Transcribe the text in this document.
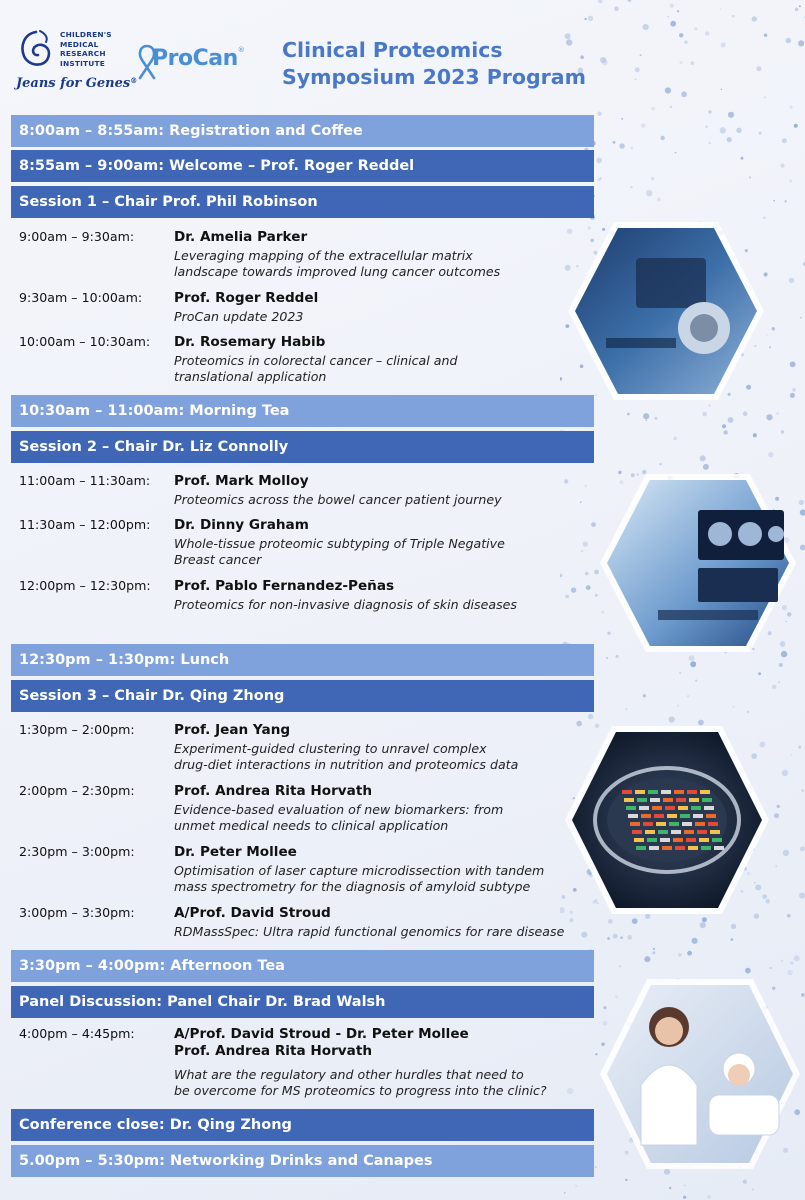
CHILDREN'S
MEDICAL
RESEARCH
INSTITUTE
Jeans for Genes®
ProCan® Clinical Proteomics
Symposium 2023 Program
8:00am – 8:55am: Registration and Coffee
8:55am – 9:00am: Welcome – Prof. Roger Reddel
Session 1 – Chair Prof. Phil Robinson
9:00am – 9:30am:	Dr. Amelia Parker
Leveraging mapping of the extracellular matrix
landscape towards improved lung cancer outcomes
9:30am – 10:00am: Prof. Roger Reddel
ProCan update 2023
10:00am – 10:30am: Dr. Rosemary Habib
Proteomics in colorectal cancer – clinical and
translational application
10:30am – 11:00am: Morning Tea
Session 2 – Chair Dr. Liz Connolly
11:00am – 11:30am: Prof. Mark Molloy
Proteomics across the bowel cancer patient journey
11:30am – 12:00pm: Dr. Dinny Graham
Whole-tissue proteomic subtyping of Triple Negative
Breast cancer
12:00pm – 12:30pm: Prof. Pablo Fernandez-Peñas
Proteomics for non-invasive diagnosis of skin diseases
12:30pm – 1:30pm: Lunch
Session 3 – Chair Dr. Qing Zhong
1:30pm – 2:00pm:	Prof. Jean Yang
Experiment-guided clustering to unravel complex
drug-diet interactions in nutrition and proteomics data
2:00pm – 2:30pm:	Prof. Andrea Rita Horvath
Evidence-based evaluation of new biomarkers: from
unmet medical needs to clinical application
2:30pm – 3:00pm:	Dr. Peter Mollee
Optimisation of laser capture microdissection with tandem
mass spectrometry for the diagnosis of amyloid subtype
3:00pm – 3:30pm:	A/Prof. David Stroud
RDMassSpec: Ultra rapid functional genomics for rare disease
3:30pm – 4:00pm: Afternoon Tea
Panel Discussion: Panel Chair Dr. Brad Walsh
4:00pm – 4:45pm:	A/Prof. David Stroud - Dr. Peter Mollee
Prof. Andrea Rita Horvath
What are the regulatory and other hurdles that need to
be overcome for MS proteomics to progress into the clinic?
Conference close: Dr. Qing Zhong
5.00pm – 5:30pm: Networking Drinks and Canapes
